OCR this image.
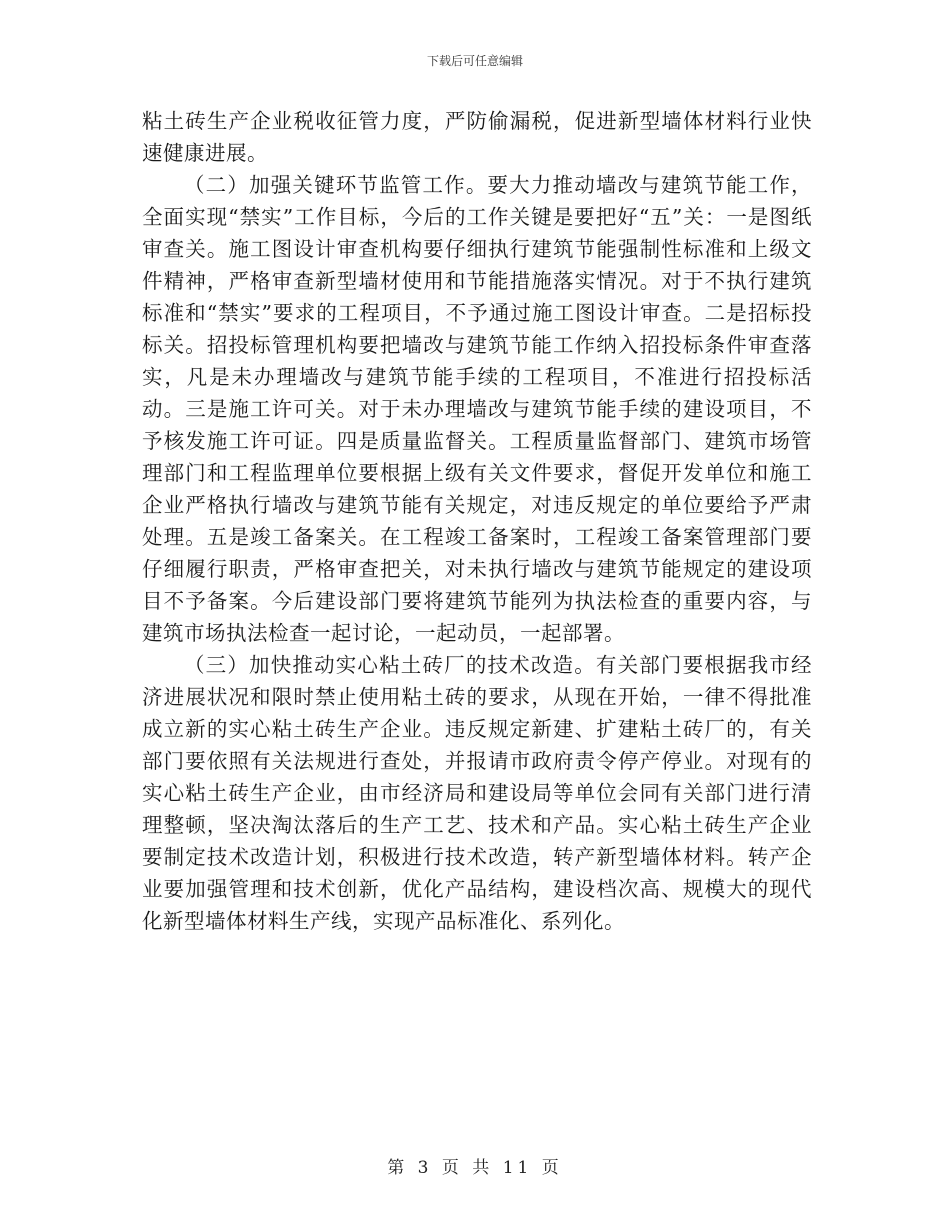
下载后可任意编辑

粘土砖生产企业税收征管力度，严防偷漏税，促进新型墙体材料行业快速健康进展。

（二）加强关键环节监管工作。要大力推动墙改与建筑节能工作，全面实现“禁实”工作目标，今后的工作关键是要把好“五”关：一是图纸审查关。施工图设计审查机构要仔细执行建筑节能强制性标准和上级文件精神，严格审查新型墙材使用和节能措施落实情况。对于不执行建筑标准和“禁实”要求的工程项目，不予通过施工图设计审查。二是招标投标关。招投标管理机构要把墙改与建筑节能工作纳入招投标条件审查落实，凡是未办理墙改与建筑节能手续的工程项目，不准进行招投标活动。三是施工许可关。对于未办理墙改与建筑节能手续的建设项目，不予核发施工许可证。四是质量监督关。工程质量监督部门、建筑市场管理部门和工程监理单位要根据上级有关文件要求，督促开发单位和施工企业严格执行墙改与建筑节能有关规定，对违反规定的单位要给予严肃处理。五是竣工备案关。在工程竣工备案时，工程竣工备案管理部门要仔细履行职责，严格审查把关，对未执行墙改与建筑节能规定的建设项目不予备案。今后建设部门要将建筑节能列为执法检查的重要内容，与建筑市场执法检查一起讨论，一起动员，一起部署。

（三）加快推动实心粘土砖厂的技术改造。有关部门要根据我市经济进展状况和限时禁止使用粘土砖的要求，从现在开始，一律不得批准成立新的实心粘土砖生产企业。违反规定新建、扩建粘土砖厂的，有关部门要依照有关法规进行查处，并报请市政府责令停产停业。对现有的实心粘土砖生产企业，由市经济局和建设局等单位会同有关部门进行清理整顿，坚决淘汰落后的生产工艺、技术和产品。实心粘土砖生产企业要制定技术改造计划，积极进行技术改造，转产新型墙体材料。转产企业要加强管理和技术创新，优化产品结构，建设档次高、规模大的现代化新型墙体材料生产线，实现产品标准化、系列化。

第 3 页 共 11 页
